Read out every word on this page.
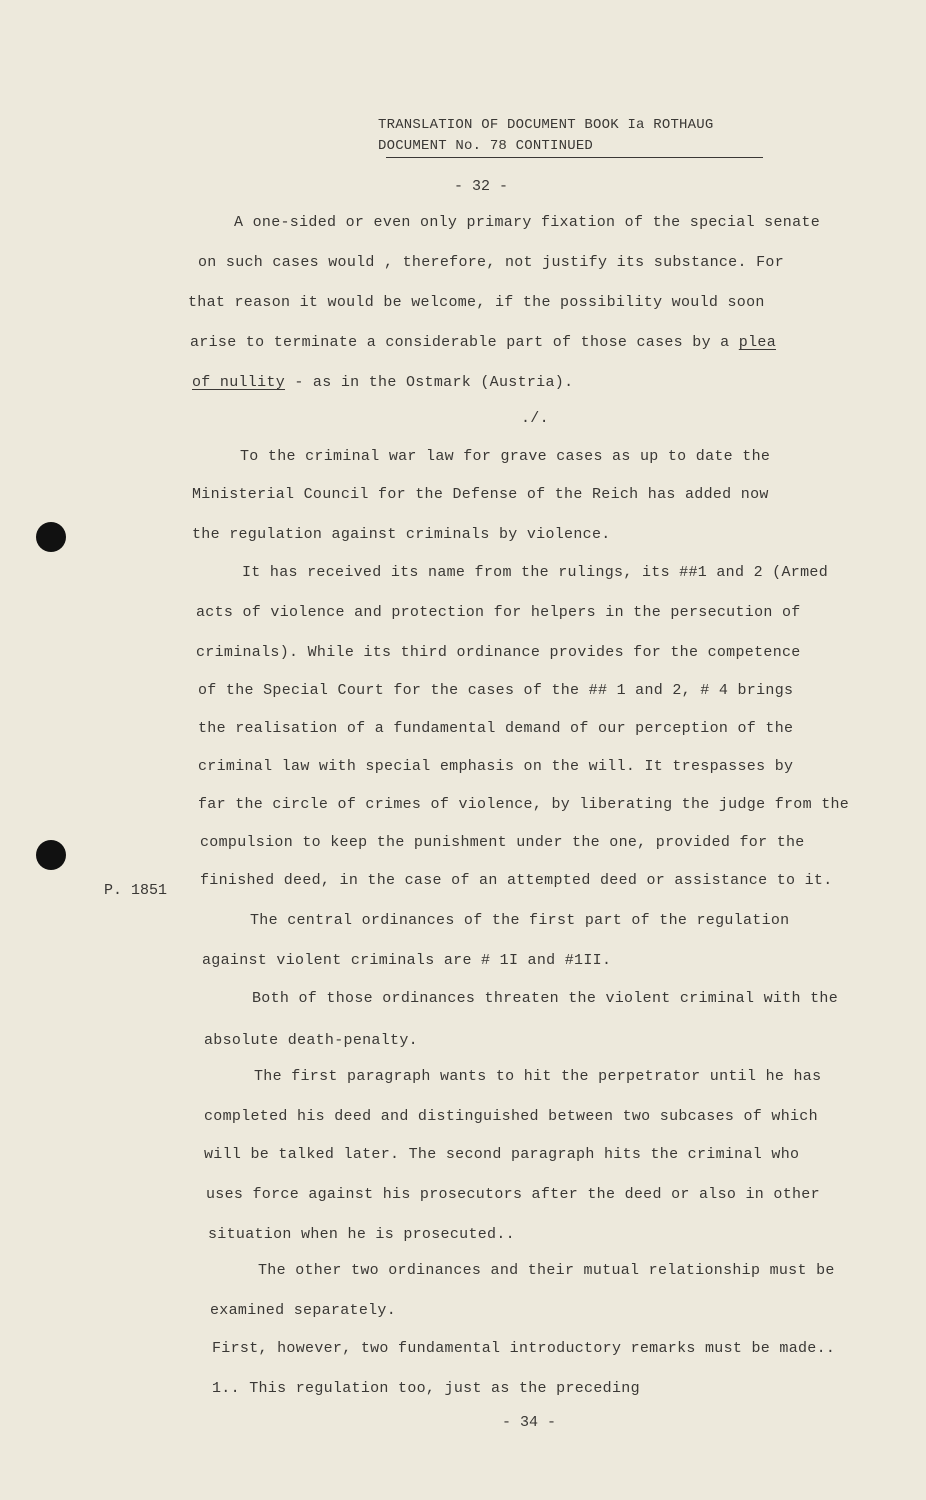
TRANSLATION OF DOCUMENT BOOK Ia ROTHAUG
DOCUMENT No. 78 CONTINUED
- 32 -
A one-sided or even only primary fixation of the special senate
on such cases would , therefore, not justify its substance. For
that reason it would be welcome, if the possibility would soon
arise to terminate a considerable part of those cases by a plea
of nullity - as in the Ostmark (Austria).
./.
To the criminal war law for grave cases as up to date the
Ministerial Council for the Defense of the Reich has added now
the regulation against criminals by violence.
It has received its name from the rulings, its ##1 and 2 (Armed
acts of violence and protection for helpers in the persecution of
criminals). While its third ordinance provides for the competence
of the Special Court for the cases of the ## 1 and 2, # 4 brings
the realisation of a fundamental demand of our perception of the
criminal law with special emphasis on the will. It trespasses by
far the circle of crimes of violence, by liberating the judge from the
compulsion to keep the punishment under the one, provided for the
finished deed, in the case of an attempted deed or assistance to it.
P. 1851
The central ordinances of the first part of the regulation
against violent criminals are # 1I and #1II.
Both of those ordinances threaten the violent criminal with the
absolute death-penalty.
The first paragraph wants to hit the perpetrator until he has
completed his deed and distinguished between two subcases of which
will be talked later. The second paragraph hits the criminal who
uses force against his prosecutors after the deed or also in other
situation when he is prosecuted..
The other two ordinances and their mutual relationship must be
examined separately.
First, however, two fundamental introductory remarks must be made..
1.. This regulation too, just as the preceding
- 34 -
